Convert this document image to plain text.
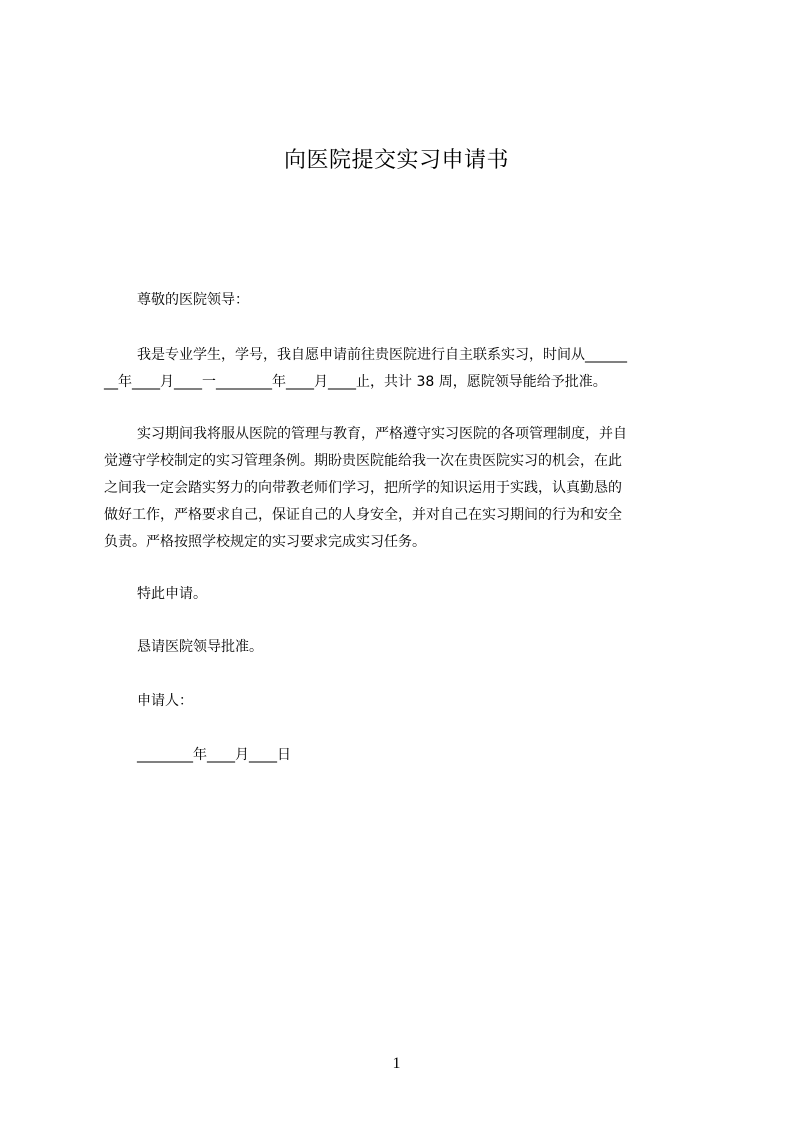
向医院提交实习申请书
尊敬的医院领导：
我是专业学生，学号，我自愿申请前往贵医院进行自主联系实习，时间从______
__年____月____一________年____月____止，共计 38 周，愿院领导能给予批准。
实习期间我将服从医院的管理与教育，严格遵守实习医院的各项管理制度，并自
觉遵守学校制定的实习管理条例。期盼贵医院能给我一次在贵医院实习的机会，在此
之间我一定会踏实努力的向带教老师们学习，把所学的知识运用于实践，认真勤恳的
做好工作，严格要求自己，保证自己的人身安全，并对自己在实习期间的行为和安全
负责。严格按照学校规定的实习要求完成实习任务。
特此申请。
恳请医院领导批准。
申请人：
________年____月____日
1
